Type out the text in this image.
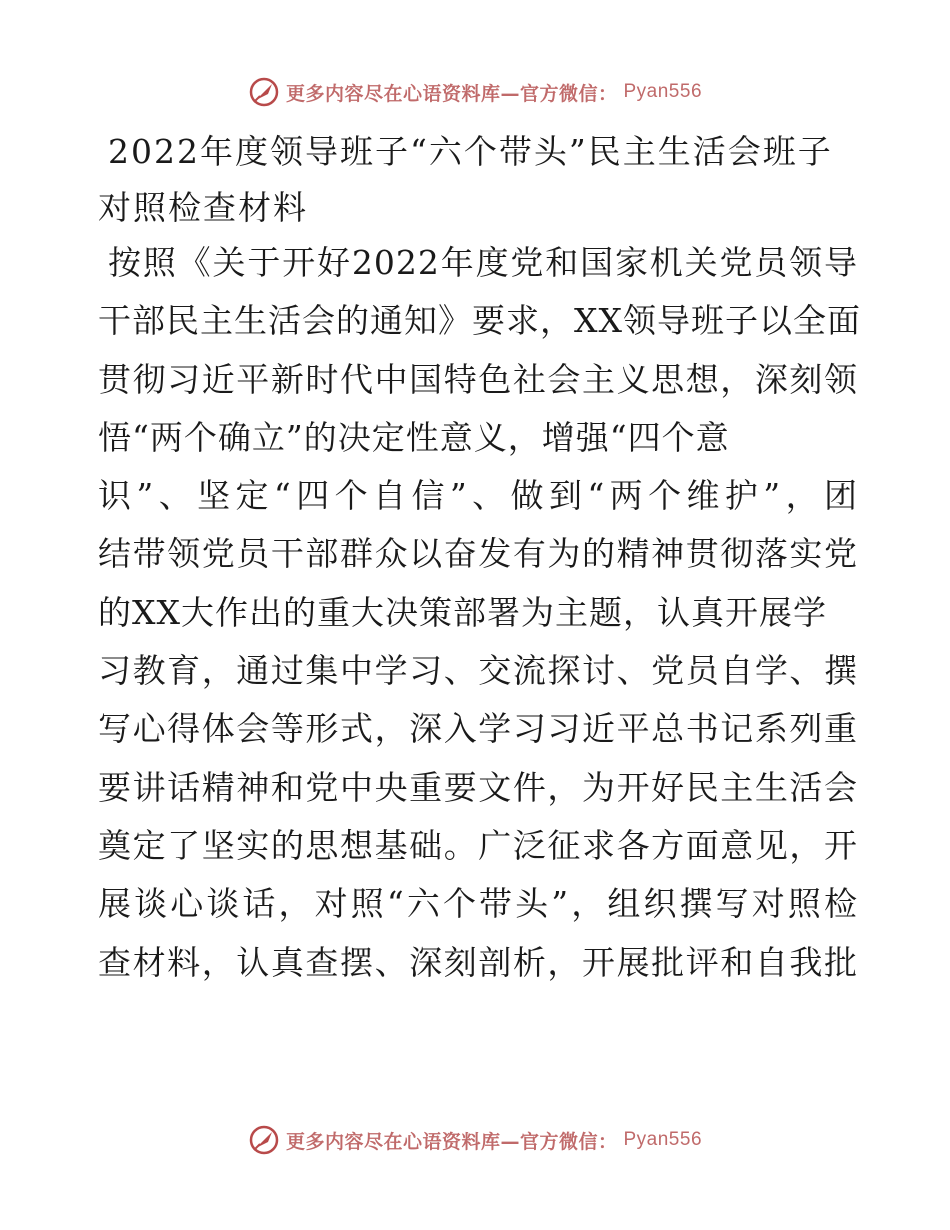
更多内容尽在心语资料库—官方微信： Pyan556
2022年度领导班子“六个带头”民主生活会班子
对照检查材料
按照《关于开好2022年度党和国家机关党员领导
干部民主生活会的通知》要求，XX领导班子以全面
贯彻习近平新时代中国特色社会主义思想，深刻领
悟“两个确立”的决定性意义，增强“四个意
识”、坚定“四个自信”、做到“两个维护”，团
结带领党员干部群众以奋发有为的精神贯彻落实党
的XX大作出的重大决策部署为主题，认真开展学
习教育，通过集中学习、交流探讨、党员自学、撰
写心得体会等形式，深入学习习近平总书记系列重
要讲话精神和党中央重要文件，为开好民主生活会
奠定了坚实的思想基础。广泛征求各方面意见，开
展谈心谈话，对照“六个带头”，组织撰写对照检
查材料，认真查摆、深刻剖析，开展批评和自我批
更多内容尽在心语资料库—官方微信： Pyan556
